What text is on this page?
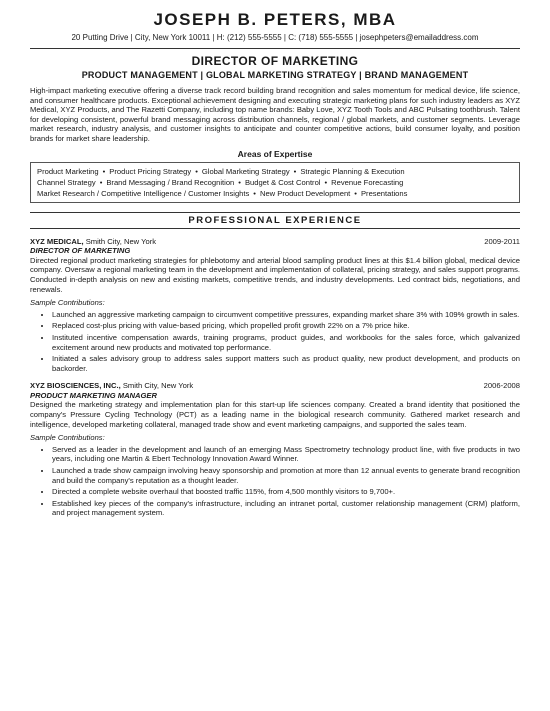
JOSEPH B. PETERS, MBA
20 Putting Drive | City, New York 10011 | H: (212) 555-5555 | C: (718) 555-5555 | josephpeters@emailaddress.com
DIRECTOR OF MARKETING
PRODUCT MANAGEMENT | GLOBAL MARKETING STRATEGY | BRAND MANAGEMENT
High-impact marketing executive offering a diverse track record building brand recognition and sales momentum for medical device, life science, and consumer healthcare products. Exceptional achievement designing and executing strategic marketing plans for such industry leaders as XYZ Medical, XYZ Products, and The Razetti Company, including top name brands: Baby Love, XYZ Tooth Tools and ABC Pulsating toothbrush. Talent for developing consistent, powerful brand messaging across distribution channels, regional / global markets, and customer segments. Leverage market research, industry analysis, and customer insights to anticipate and counter competitive actions, build consumer loyalty, and position brands for market share leadership.
Areas of Expertise
Product Marketing • Product Pricing Strategy • Global Marketing Strategy • Strategic Planning & Execution
Channel Strategy • Brand Messaging / Brand Recognition • Budget & Cost Control • Revenue Forecasting
Market Research / Competitive Intelligence / Customer Insights • New Product Development • Presentations
PROFESSIONAL EXPERIENCE
XYZ MEDICAL, Smith City, New York	2009-2011
DIRECTOR OF MARKETING
Directed regional product marketing strategies for phlebotomy and arterial blood sampling product lines at this $1.4 billion global, medical device company. Oversaw a regional marketing team in the development and implementation of collateral, pricing strategy, and sales support programs. Conducted in-depth analysis on new and existing markets, competitive trends, and industry developments. Led contract bids, negotiations, and renewals.
Sample Contributions:
• Launched an aggressive marketing campaign to circumvent competitive pressures, expanding market share 3% with 109% growth in sales.
• Replaced cost-plus pricing with value-based pricing, which propelled profit growth 22% on a 7% price hike.
• Instituted incentive compensation awards, training programs, product guides, and workbooks for the sales force, which galvanized excitement around new products and motivated top performance.
• Initiated a sales advisory group to address sales support matters such as product quality, new product development, and products on backorder.
XYZ BIOSCIENCES, INC., Smith City, New York	2006-2008
PRODUCT MARKETING MANAGER
Designed the marketing strategy and implementation plan for this start-up life sciences company. Created a brand identity that positioned the company's Pressure Cycling Technology (PCT) as a leading name in the biological research community. Gathered market research and intelligence, developed marketing collateral, managed trade show and event marketing campaigns, and supported the sales team.
Sample Contributions:
• Served as a leader in the development and launch of an emerging Mass Spectrometry technology product line, with five products in two years, including one Martin & Ebert Technology Innovation Award Winner.
• Launched a trade show campaign involving heavy sponsorship and promotion at more than 12 annual events to generate brand recognition and build the company's reputation as a thought leader.
• Directed a complete website overhaul that boosted traffic 115%, from 4,500 monthly visitors to 9,700+.
• Established key pieces of the company's infrastructure, including an intranet portal, customer relationship management (CRM) platform, and project management system.
